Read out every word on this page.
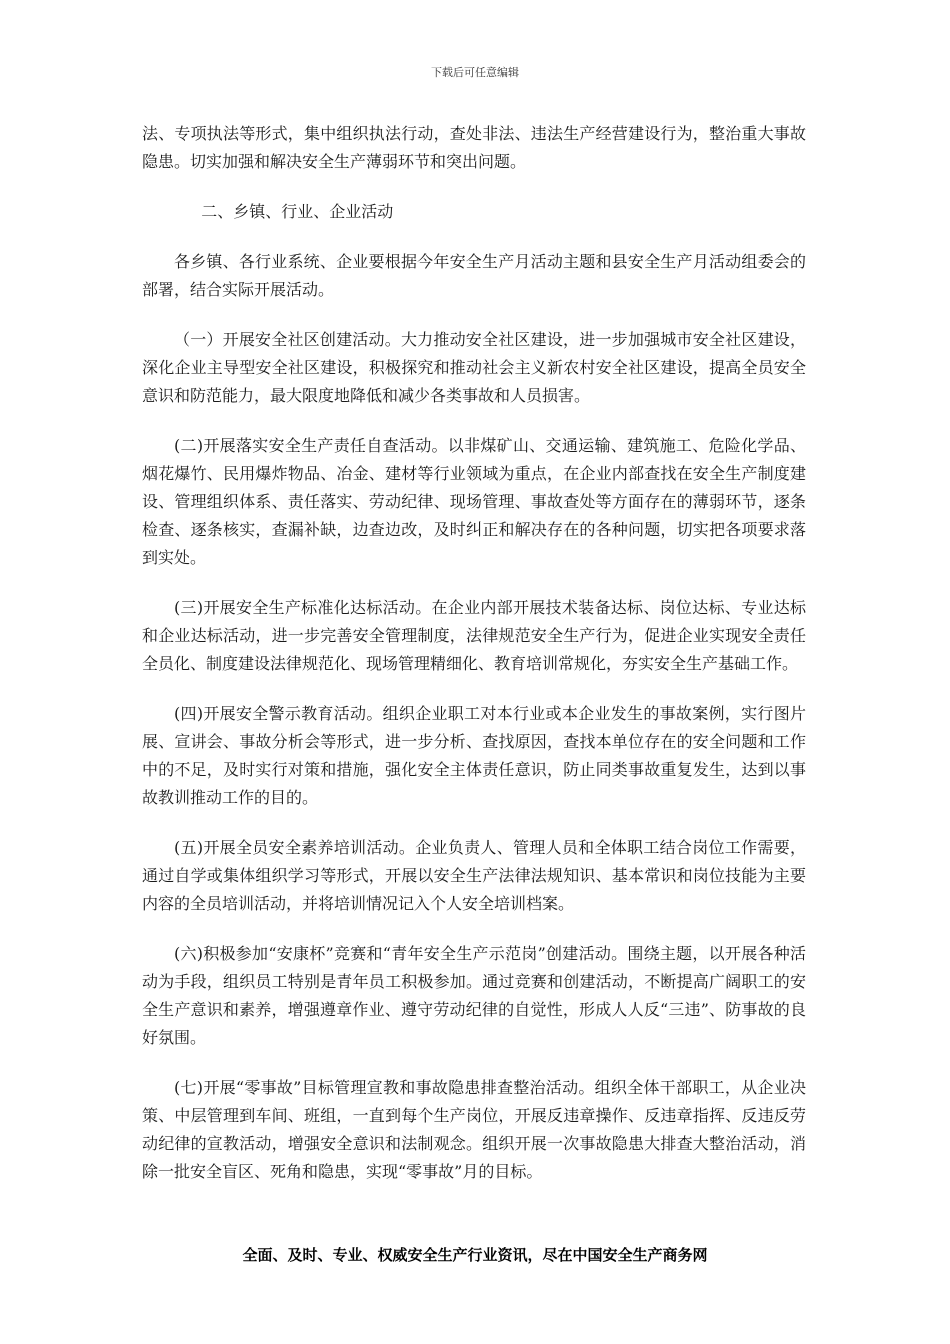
下载后可任意编辑

法、专项执法等形式，集中组织执法行动，查处非法、违法生产经营建设行为，整治重大事故隐患。切实加强和解决安全生产薄弱环节和突出问题。

二、乡镇、行业、企业活动

各乡镇、各行业系统、企业要根据今年安全生产月活动主题和县安全生产月活动组委会的部署，结合实际开展活动。

（一）开展安全社区创建活动。大力推动安全社区建设，进一步加强城市安全社区建设，深化企业主导型安全社区建设，积极探究和推动社会主义新农村安全社区建设，提高全员安全意识和防范能力，最大限度地降低和减少各类事故和人员损害。

(二)开展落实安全生产责任自查活动。以非煤矿山、交通运输、建筑施工、危险化学品、烟花爆竹、民用爆炸物品、冶金、建材等行业领域为重点，在企业内部查找在安全生产制度建设、管理组织体系、责任落实、劳动纪律、现场管理、事故查处等方面存在的薄弱环节，逐条检查、逐条核实，查漏补缺，边查边改，及时纠正和解决存在的各种问题，切实把各项要求落到实处。

(三)开展安全生产标准化达标活动。在企业内部开展技术装备达标、岗位达标、专业达标和企业达标活动，进一步完善安全管理制度，法律规范安全生产行为，促进企业实现安全责任全员化、制度建设法律规范化、现场管理精细化、教育培训常规化，夯实安全生产基础工作。

(四)开展安全警示教育活动。组织企业职工对本行业或本企业发生的事故案例，实行图片展、宣讲会、事故分析会等形式，进一步分析、查找原因，查找本单位存在的安全问题和工作中的不足，及时实行对策和措施，强化安全主体责任意识，防止同类事故重复发生，达到以事故教训推动工作的目的。

(五)开展全员安全素养培训活动。企业负责人、管理人员和全体职工结合岗位工作需要，通过自学或集体组织学习等形式，开展以安全生产法律法规知识、基本常识和岗位技能为主要内容的全员培训活动，并将培训情况记入个人安全培训档案。

(六)积极参加“安康杯”竞赛和“青年安全生产示范岗”创建活动。围绕主题，以开展各种活动为手段，组织员工特别是青年员工积极参加。通过竞赛和创建活动，不断提高广阔职工的安全生产意识和素养，增强遵章作业、遵守劳动纪律的自觉性，形成人人反“三违”、防事故的良好氛围。

(七)开展“零事故”目标管理宣教和事故隐患排查整治活动。组织全体干部职工，从企业决策、中层管理到车间、班组，一直到每个生产岗位，开展反违章操作、反违章指挥、反违反劳动纪律的宣教活动，增强安全意识和法制观念。组织开展一次事故隐患大排查大整治活动，消除一批安全盲区、死角和隐患，实现“零事故”月的目标。

全面、及时、专业、权威安全生产行业资讯，尽在中国安全生产商务网
